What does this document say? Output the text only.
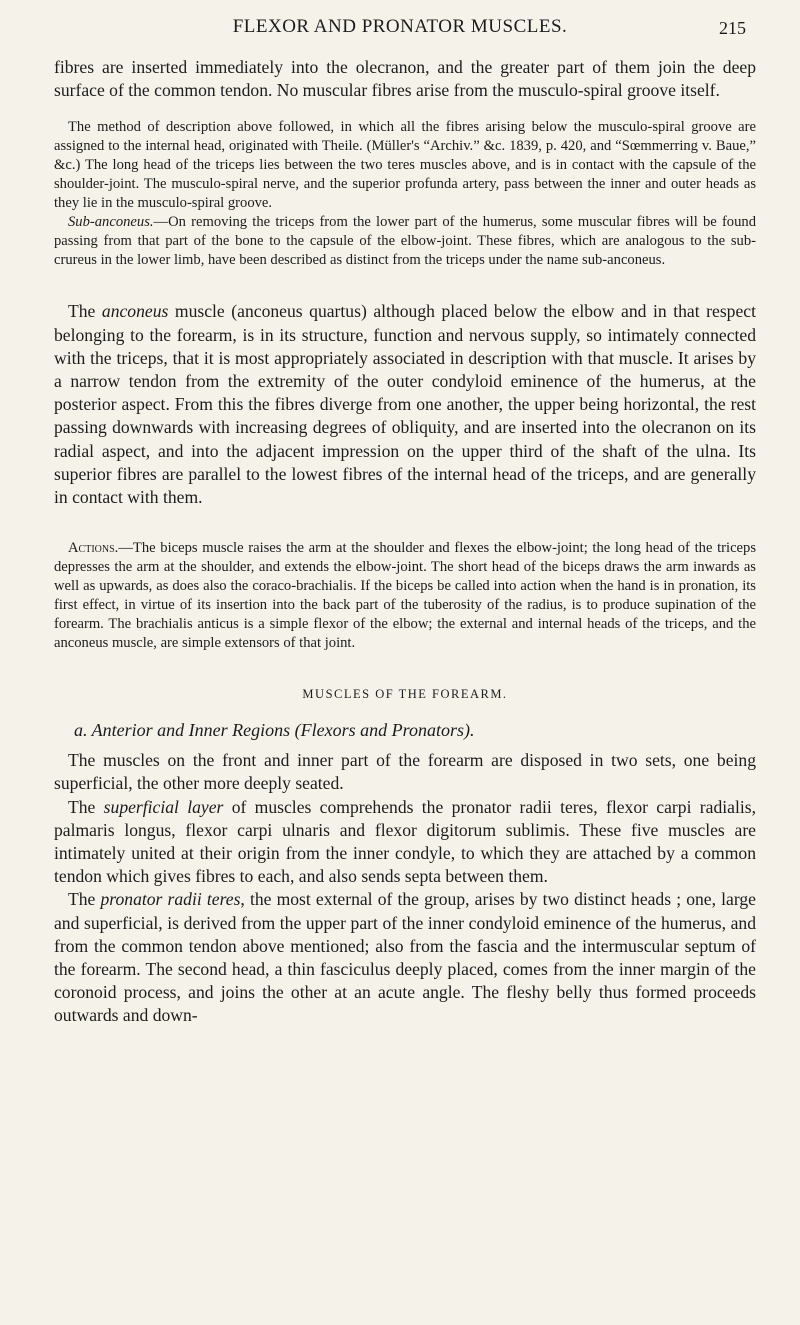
FLEXOR AND PRONATOR MUSCLES.	215

fibres are inserted immediately into the olecranon, and the greater part of them join the deep surface of the common tendon. No muscular fibres arise from the musculo-spiral groove itself.

The method of description above followed, in which all the fibres arising below the musculo-spiral groove are assigned to the internal head, originated with Theile. (Müller's “Archiv.” &c. 1839, p. 420, and “Sœmmerring v. Baue,” &c.) The long head of the triceps lies between the two teres muscles above, and is in contact with the capsule of the shoulder-joint. The musculo-spiral nerve, and the superior profunda artery, pass between the inner and outer heads as they lie in the musculo-spiral groove.

Sub-anconeus.—On removing the triceps from the lower part of the humerus, some muscular fibres will be found passing from that part of the bone to the capsule of the elbow-joint. These fibres, which are analogous to the sub-crureus in the lower limb, have been described as distinct from the triceps under the name sub-anconeus.

The anconeus muscle (anconeus quartus) although placed below the elbow and in that respect belonging to the forearm, is in its structure, function and nervous supply, so intimately connected with the triceps, that it is most appropriately associated in description with that muscle. It arises by a narrow tendon from the extremity of the outer condyloid eminence of the humerus, at the posterior aspect. From this the fibres diverge from one another, the upper being horizontal, the rest passing downwards with increasing degrees of obliquity, and are inserted into the olecranon on its radial aspect, and into the adjacent impression on the upper third of the shaft of the ulna. Its superior fibres are parallel to the lowest fibres of the internal head of the triceps, and are generally in contact with them.

Actions.—The biceps muscle raises the arm at the shoulder and flexes the elbow-joint; the long head of the triceps depresses the arm at the shoulder, and extends the elbow-joint. The short head of the biceps draws the arm inwards as well as upwards, as does also the coraco-brachialis. If the biceps be called into action when the hand is in pronation, its first effect, in virtue of its insertion into the back part of the tuberosity of the radius, is to produce supination of the forearm. The brachialis anticus is a simple flexor of the elbow; the external and internal heads of the triceps, and the anconeus muscle, are simple extensors of that joint.

MUSCLES OF THE FOREARM.
a. Anterior and Inner Regions (Flexors and Pronators).

The muscles on the front and inner part of the forearm are disposed in two sets, one being superficial, the other more deeply seated.

The superficial layer of muscles comprehends the pronator radii teres, flexor carpi radialis, palmaris longus, flexor carpi ulnaris and flexor digitorum sublimis. These five muscles are intimately united at their origin from the inner condyle, to which they are attached by a common tendon which gives fibres to each, and also sends septa between them.

The pronator radii teres, the most external of the group, arises by two distinct heads ; one, large and superficial, is derived from the upper part of the inner condyloid eminence of the humerus, and from the common tendon above mentioned; also from the fascia and the intermuscular septum of the forearm. The second head, a thin fasciculus deeply placed, comes from the inner margin of the coronoid process, and joins the other at an acute angle. The fleshy belly thus formed proceeds outwards and down-
